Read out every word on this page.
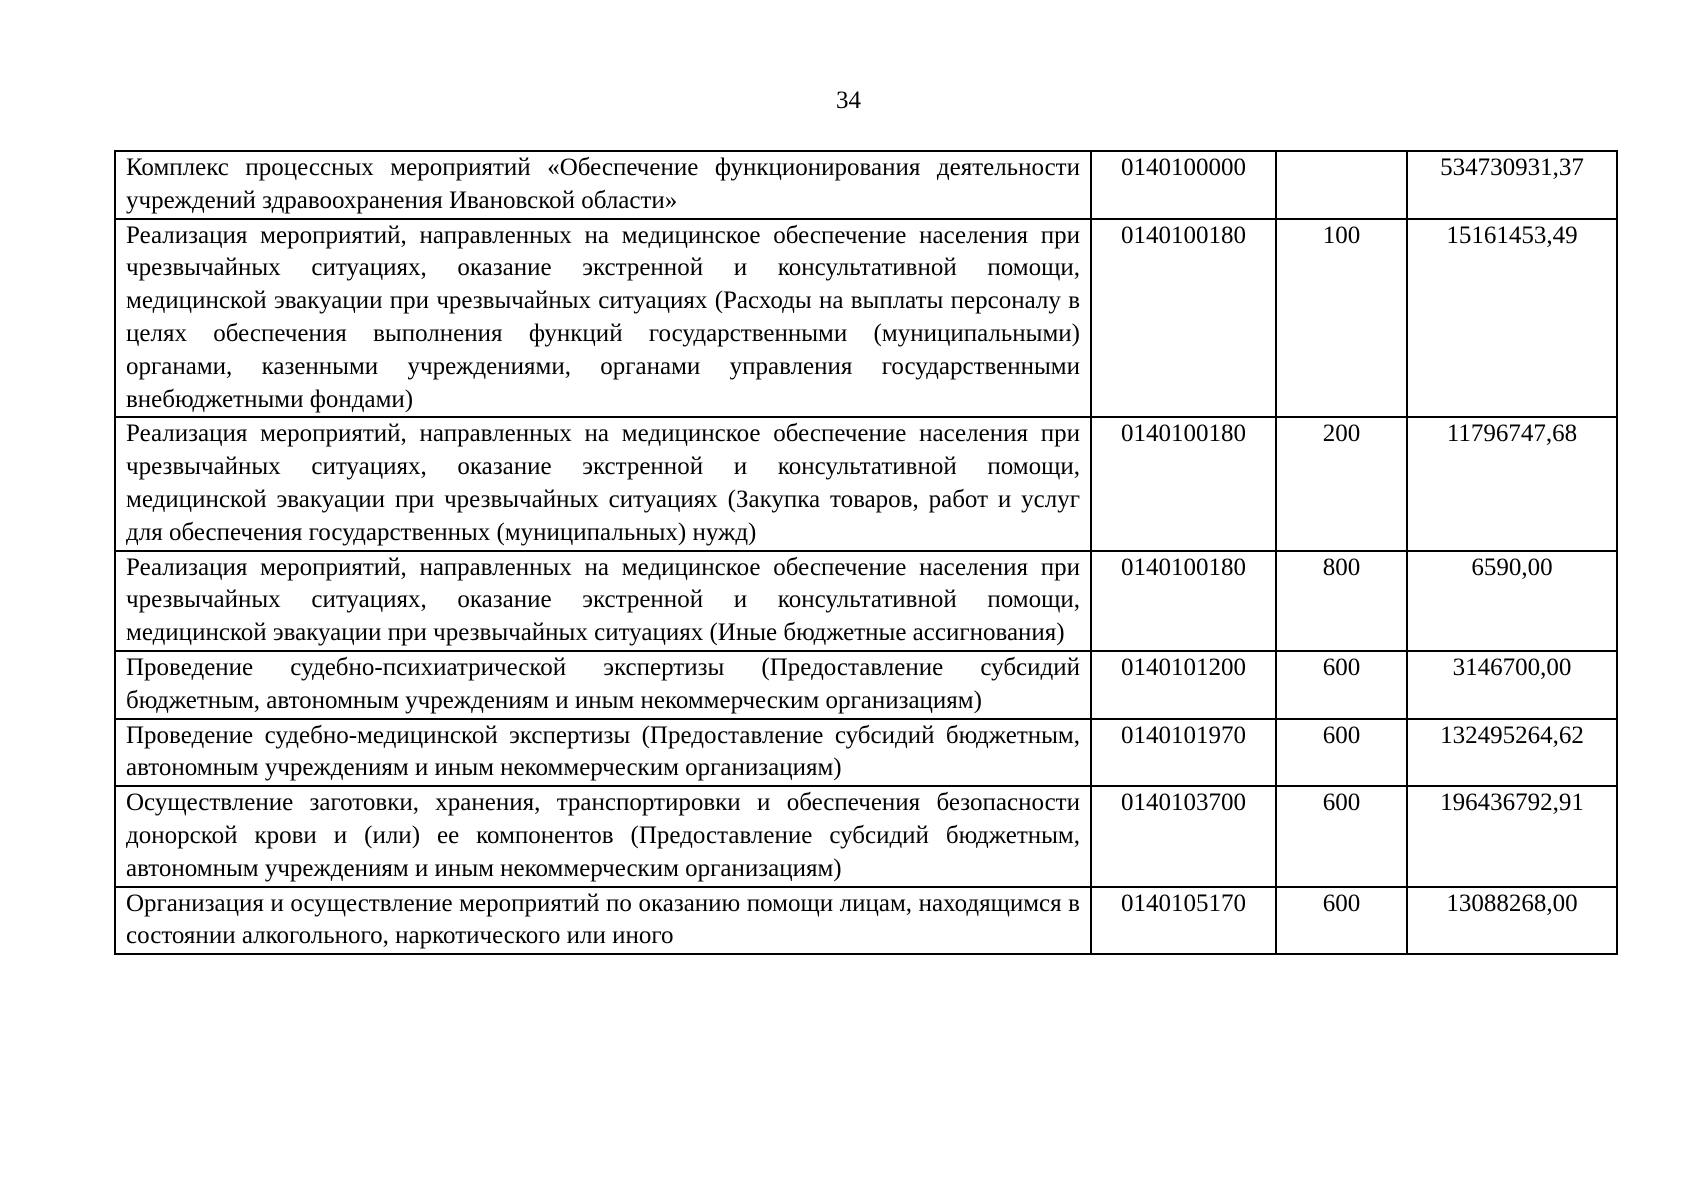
34
Комплекс процессных мероприятий «Обеспечение функционирования деятельности учреждений здравоохранения Ивановской области»	0140100000		534730931,37
Реализация мероприятий, направленных на медицинское обеспечение населения при чрезвычайных ситуациях, оказание экстренной и консультативной помощи, медицинской эвакуации при чрезвычайных ситуациях (Расходы на выплаты персоналу в целях обеспечения выполнения функций государственными (муниципальными) органами, казенными учреждениями, органами управления государственными внебюджетными фондами)	0140100180	100	15161453,49
Реализация мероприятий, направленных на медицинское обеспечение населения при чрезвычайных ситуациях, оказание экстренной и консультативной помощи, медицинской эвакуации при чрезвычайных ситуациях (Закупка товаров, работ и услуг для обеспечения государственных (муниципальных) нужд)	0140100180	200	11796747,68
Реализация мероприятий, направленных на медицинское обеспечение населения при чрезвычайных ситуациях, оказание экстренной и консультативной помощи, медицинской эвакуации при чрезвычайных ситуациях (Иные бюджетные ассигнования)	0140100180	800	6590,00
Проведение судебно-психиатрической экспертизы (Предоставление субсидий бюджетным, автономным учреждениям и иным некоммерческим организациям)	0140101200	600	3146700,00
Проведение судебно-медицинской экспертизы (Предоставление субсидий бюджетным, автономным учреждениям и иным некоммерческим организациям)	0140101970	600	132495264,62
Осуществление заготовки, хранения, транспортировки и обеспечения безопасности донорской крови и (или) ее компонентов (Предоставление субсидий бюджетным, автономным учреждениям и иным некоммерческим организациям)	0140103700	600	196436792,91
Организация и осуществление мероприятий по оказанию помощи лицам, находящимся в состоянии алкогольного, наркотического или иного	0140105170	600	13088268,00
